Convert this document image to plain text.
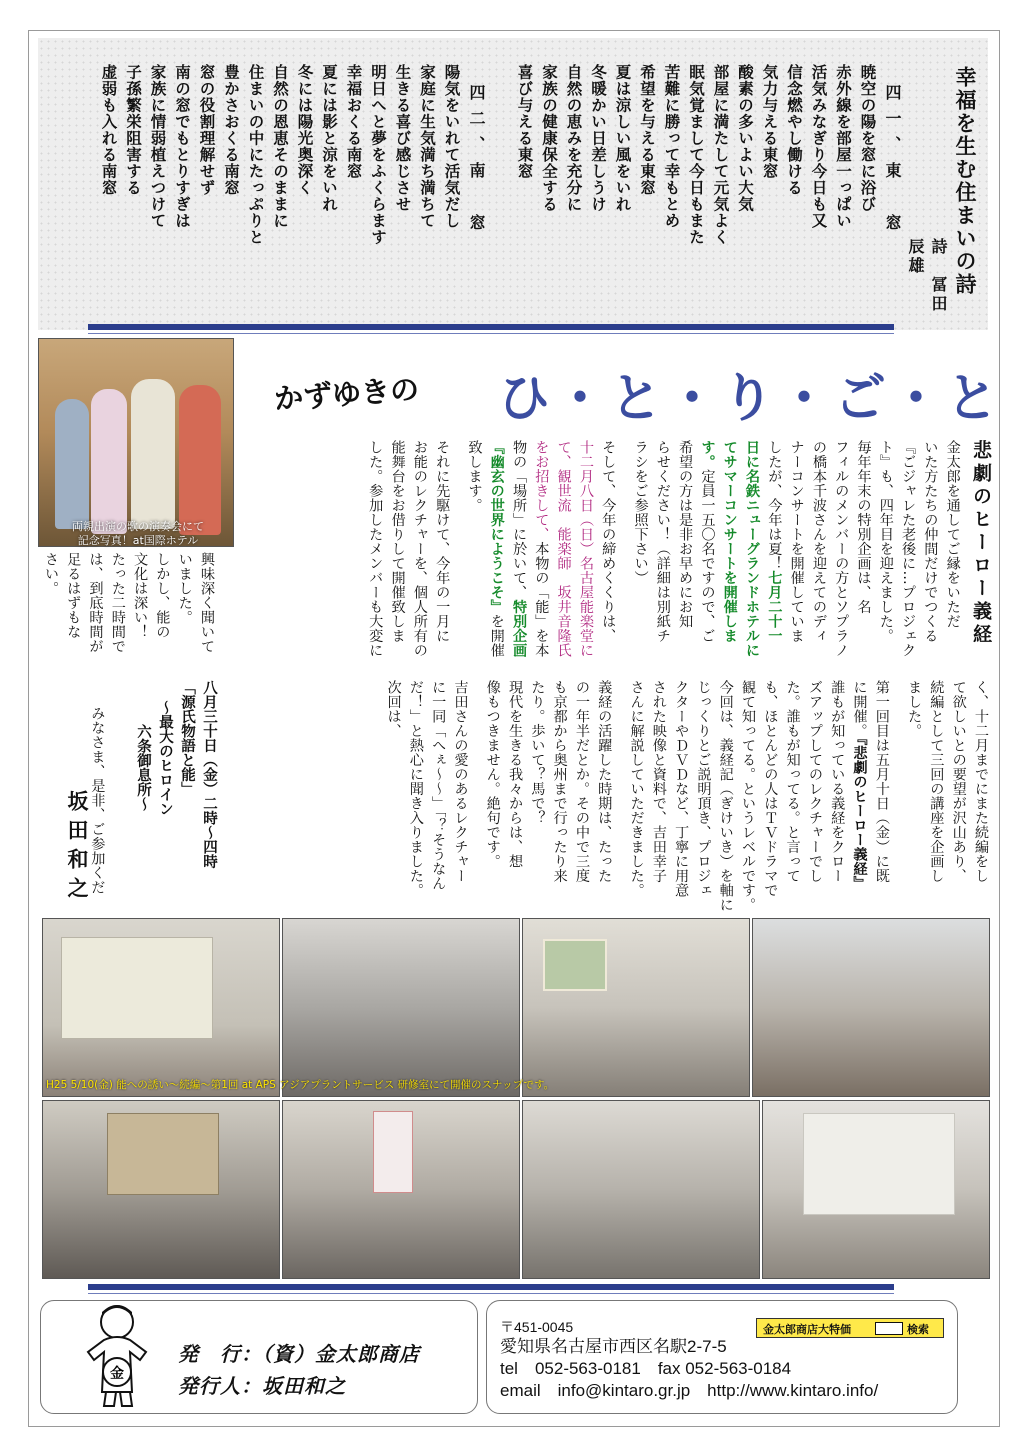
幸福を生む住まいの詩
詩　冨田辰雄
四一、東　窓
暁空の陽を窓に浴び
赤外線を部屋一っぱい
活気みなぎり今日も又
信念燃やし働ける
気力与える東窓
酸素の多いよい大気
部屋に満たして元気よく
眠気覚まして今日もまた
苦難に勝って幸もとめ
希望を与える東窓
夏は涼しい風をいれ
冬暖かい日差しうけ
自然の恵みを充分に
家族の健康保全する
喜び与える東窓
四二、南　窓
陽気をいれて活気だし
家庭に生気満ち満ちて
生きる喜び感じさせ
明日へと夢をふくらます
幸福おくる南窓
夏には影と涼をいれ
冬には陽光奥深く
自然の恩恵そのままに
住まいの中にたっぷりと
豊かさおくる南窓
窓の役割理解せず
南の窓でもとりすぎは
家族に情弱植えつけて
子孫繁栄阻害する
虚弱も入れる南窓
両親出演の歌の演奏会にて
記念写真！at国際ホテル
かずゆきの ひ・と・り・ご・と
悲劇のヒーロー義経
金太郎を通してご縁をいただ
いた方たちの仲間だけでつくる
『ごジャレた老後に…プロジェク
ト』も、四年目を迎えました。
毎年年末の特別企画は、名
フィルのメンバーの方とソプラノ
の橋本千波さんを迎えてのディ
ナーコンサートを開催していま
したが、今年は夏！七月二十一
日に名鉄ニューグランドホテルに
てサマーコンサートを開催しま
す。定員一五〇名ですので、ご
希望の方は是非お早めにお知
らせください！（詳細は別紙チ
ラシをご参照下さい）
そして、今年の締めくくりは、
十二月八日（日）名古屋能楽堂に
て、観世流　能楽師　坂井音隆氏
をお招きして、本物の「能」を本
物の「場所」に於いて、特別企画
『幽玄の世界にようこそ』を開催
致します。
それに先駆けて、今年の一月に
お能のレクチャーを、個人所有の
能舞台をお借りして開催致しま
した。参加したメンバーも大変に
く、十二月までにまた続編をし
て欲しいとの要望が沢山あり、
続編として三回の講座を企画し
ました。
第一回目は五月十日（金）に既
に開催。『悲劇のヒーロー義経』
誰もが知っている義経をクロー
ズアップしてのレクチャーでし
た。誰もが知ってる。と言って
も、ほとんどの人はＴＶドラマで
観て知ってる。というレベルです。
今回は、義経記（ぎけいき）を軸に
じっくりとご説明頂き、プロジェ
クターやＤＶＤなど、丁寧に用意
された映像と資料で、吉田幸子
さんに解説していただきました。
義経の活躍した時期は、たった
の一年半だとか。その中で三度
も京都から奥州まで行ったり来
たり。歩いて？馬で？
現代を生きる我々からは、想
像もつきません。絶句です。
吉田さんの愛のあるレクチャー
に一同「へぇ～～」「？そうなん
だ！」と熱心に聞き入りました。
次回は、
興味深く聞いて
いました。
しかし、能の
文化は深い！
たった二時間で
は、到底時間が
足るはずもな
さい。
みなさま、是非、ご参加くだ	八月三十日（金）二時～四時
「源氏物語と能」
～最大のヒロイン
六条御息所～
坂田和之
H25 5/10(金) 能への誘い～続編～第1回 at APS アジアプラントサービス 研修室にて開催のスナップです。
金
発　行：（資）金太郎商店
発行人：坂田和之
金太郎商店大特価	検索
〒451-0045
愛知県名古屋市西区名駅2-7-5
tel　052-563-0181　fax 052-563-0184
email　info@kintaro.gr.jp　http://www.kintaro.info/
